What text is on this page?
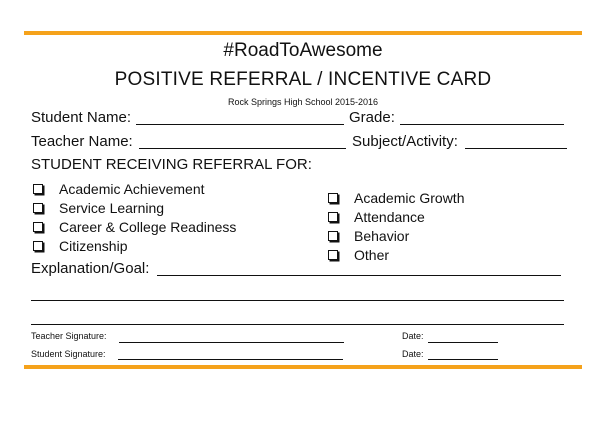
#RoadToAwesome
POSITIVE REFERRAL / INCENTIVE CARD
Rock Springs High School 2015-2016
Student Name:	Grade:
Teacher Name:	Subject/Activity:
STUDENT RECEIVING REFERRAL FOR:
Academic Achievement
Service Learning
Career & College Readiness
Citizenship
Academic Growth
Attendance
Behavior
Other
Explanation/Goal:
Teacher Signature:	Date:
Student Signature:	Date:
